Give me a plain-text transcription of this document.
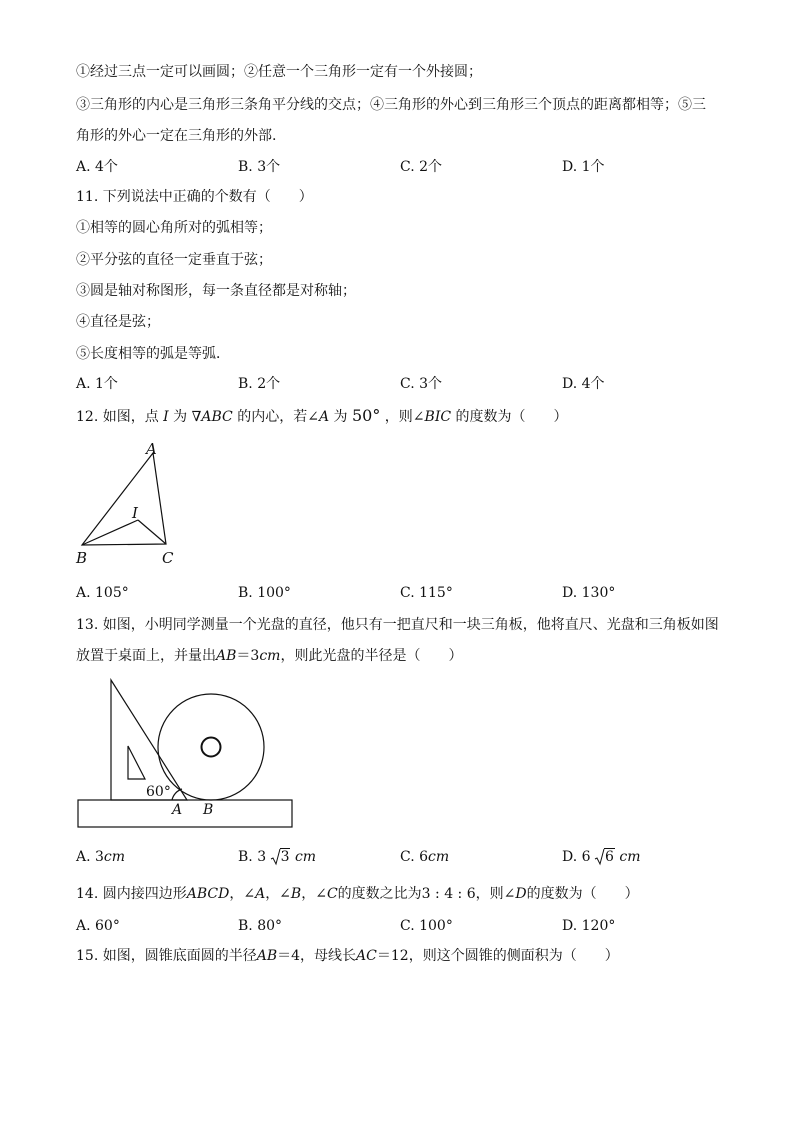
①经过三点一定可以画圆；②任意一个三角形一定有一个外接圆；
③三角形的内心是三角形三条角平分线的交点；④三角形的外心到三角形三个顶点的距离都相等；⑤三
角形的外心一定在三角形的外部.
A. 4个	B. 3个	C. 2个	D. 1个
11. 下列说法中正确的个数有（　　）
①相等的圆心角所对的弧相等；
②平分弦的直径一定垂直于弦；
③圆是轴对称图形，每一条直径都是对称轴；
④直径是弦；
⑤长度相等的弧是等弧．
A. 1个	B. 2个	C. 3个	D. 4个
12. 如图，点 I 为 ∇ABC 的内心，若∠A 为 50° ，则∠BIC 的度数为（　　）
A
I
B	C
A. 105°	B. 100°	C. 115°	D. 130°
13. 如图，小明同学测量一个光盘的直径，他只有一把直尺和一块三角板，他将直尺、光盘和三角板如图
放置于桌面上，并量出AB＝3cm，则此光盘的半径是（　　）
60°
A B
A. 3cm	B. 3 3 cm	C. 6cm	D. 6 6 cm
14. 圆内接四边形ABCD，∠A，∠B，∠C的度数之比为3 : 4 : 6，则∠D的度数为（　　）
A. 60°	B. 80°	C. 100°	D. 120°
15. 如图，圆锥底面圆的半径AB＝4，母线长AC＝12，则这个圆锥的侧面积为（　　）
